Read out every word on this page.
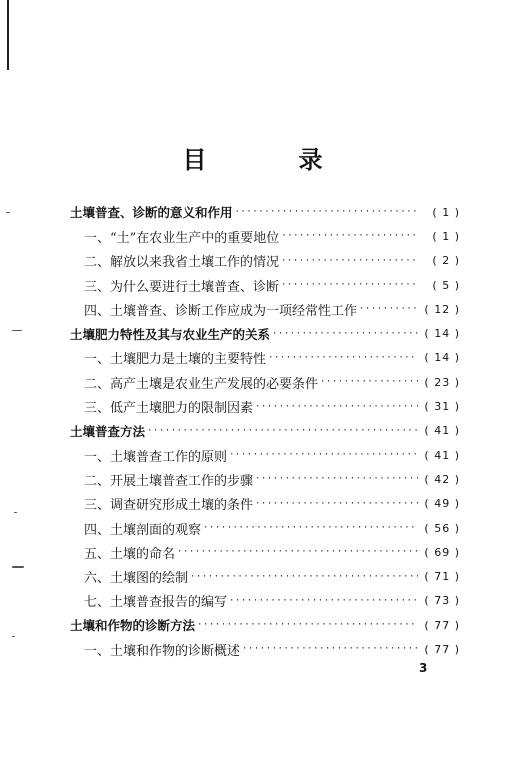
目　录
土壤普查、诊断的意义和作用 ·····	( 1 )
一、“土”在农业生产中的重要地位 ·····	( 1 )
二、解放以来我省土壤工作的情况 ·····	( 2 )
三、为什么要进行土壤普查、诊断 ·····	( 5 )
四、土壤普查、诊断工作应成为一项经常性工作 ·····	( 12 )
土壤肥力特性及其与农业生产的关系 ·····	( 14 )
一、土壤肥力是土壤的主要特性 ·····	( 14 )
二、高产土壤是农业生产发展的必要条件 ·····	( 23 )
三、低产土壤肥力的限制因素 ·····	( 31 )
土壤普查方法 ·····	( 41 )
一、土壤普查工作的原则 ·····	( 41 )
二、开展土壤普查工作的步骤 ·····	( 42 )
三、调查研究形成土壤的条件 ·····	( 49 )
四、土壤剖面的观察 ·····	( 56 )
五、土壤的命名 ·····	( 69 )
六、土壤图的绘制 ·····	( 71 )
七、土壤普查报告的编写 ·····	( 73 )
土壤和作物的诊断方法 ·····	( 77 )
一、土壤和作物的诊断概述 ·····	( 77 )
3
